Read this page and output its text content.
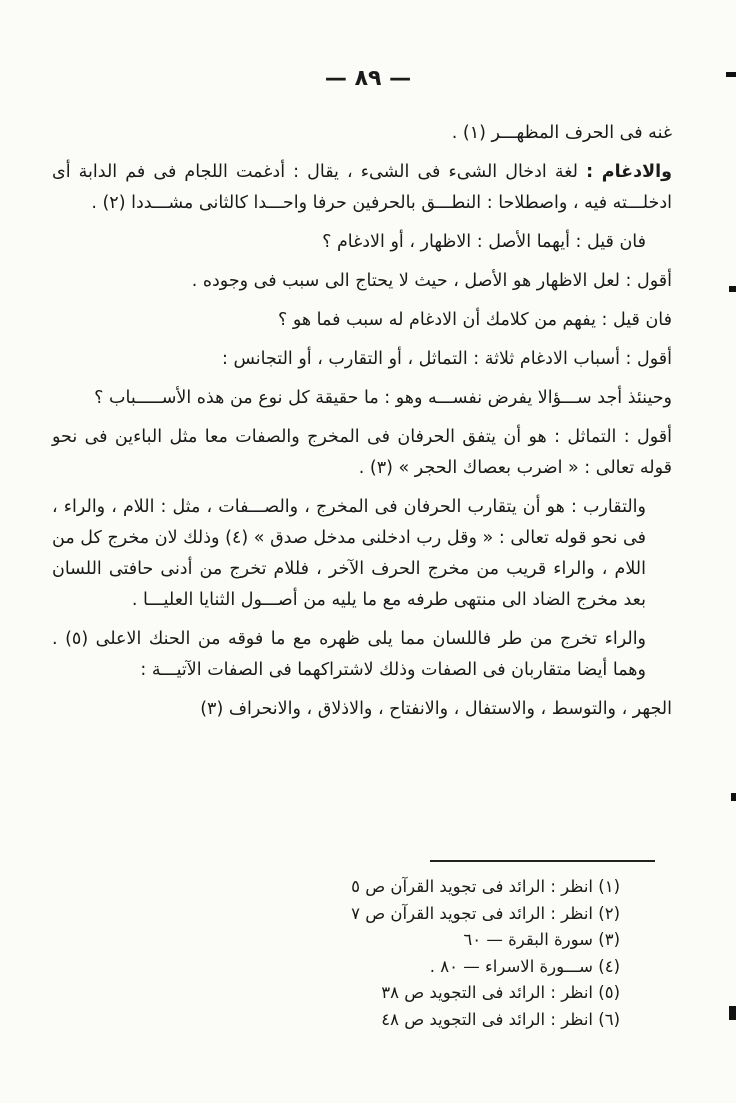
— ٨٩ —

غنه فى الحرف المظهـــر (١) .

والادغام : لغة ادخال الشىء فى الشىء ، يقال : أدغمت اللجام فى فم الدابة أى ادخلـــته فيه ، واصطلاحا : النطـــق بالحرفين حرفا واحـــدا كالثانى مشـــددا (٢) .

فان قيل : أيهما الأصل : الاظهار ، أو الادغام ؟

أقول : لعل الاظهار هو الأصل ، حيث لا يحتاج الى سبب فى وجوده .

فان قيل : يفهم من كلامك أن الادغام له سبب فما هو ؟

أقول : أسباب الادغام ثلاثة : التماثل ، أو التقارب ، أو التجانس :

وحينئذ أجد ســـؤالا يفرض نفســـه وهو : ما حقيقة كل نوع من هذه الأســـــباب ؟

أقول : التماثل : هو أن يتفق الحرفان فى المخرج والصفات معا مثل الباءين فى نحو قوله تعالى : « اضرب بعصاك الحجر » (٣) .

والتقارب : هو أن يتقارب الحرفان فى المخرج ، والصـــفات ، مثل : اللام ، والراء ، فى نحو قوله تعالى : « وقل رب ادخلنى مدخل صدق » (٤) وذلك لان مخرج كل من اللام ، والراء قريب من مخرج الحرف الآخر ، فللام تخرج من أدنى حافتى اللسان بعد مخرج الضاد الى منتهى طرفه مع ما يليه من أصـــول الثنايا العليـــا .

والراء تخرج من طر فاللسان مما يلى ظهره مع ما فوقه من الحنك الاعلى (٥) . وهما أيضا متقاربان فى الصفات وذلك لاشتراكهما فى الصفات الآتيـــة :

الجهر ، والتوسط ، والاستفال ، والانفتاح ، والاذلاق ، والانحراف (٣)

(١) انظر : الرائد فى تجويد القرآن ص ٥
(٢) انظر : الرائد فى تجويد القرآن ص ٧
(٣) سورة البقرة — ٦٠
(٤) ســـورة الاسراء — ٨٠ .
(٥) انظر : الرائد فى التجويد ص ٣٨
(٦) انظر : الرائد فى التجويد ص ٤٨
